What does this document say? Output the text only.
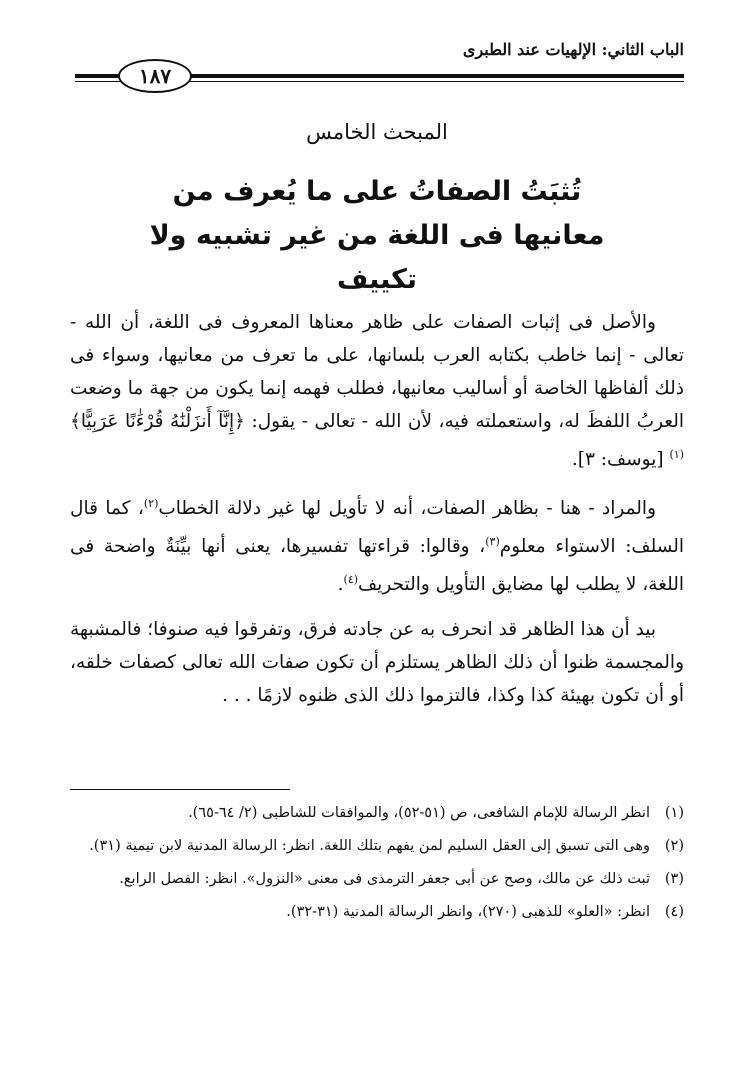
الباب الثاني: الإلهيات عند الطبرى
١٨٧
المبحث الخامس
تُثبَتُ الصفاتُ على ما يُعرف من معانيها فى اللغة من غير تشبيه ولا تكييف

والأصل فى إثبات الصفات على ظاهر معناها المعروف فى اللغة، أن الله - تعالى - إنما خاطب بكتابه العرب بلسانها، على ما تعرف من معانيها، وسواء فى ذلك ألفاظها الخاصة أو أساليب معانيها، فطلب فهمه إنما يكون من جهة ما وضعت العربُ اللفظَ له، واستعملته فيه، لأن الله - تعالى - يقول: ﴿إِنَّآ أَنزَلْنَٰهُ قُرْءَٰنًا عَرَبِيًّا﴾$^{(١)}$ [يوسف: ٣].

والمراد - هنا - بظاهر الصفات، أنه لا تأويل لها غير دلالة الخطاب$^{(٢)}$، كما قال السلف: الاستواء معلوم$^{(٣)}$، وقالوا: قراءتها تفسيرها، يعنى أنها بيِّنَةٌ واضحة فى اللغة، لا يطلب لها مضايق التأويل والتحريف$^{(٤)}$.

بيد أن هذا الظاهر قد انحرف به عن جادته فرق، وتفرقوا فيه صنوفا؛ فالمشبهة والمجسمة ظنوا أن ذلك الظاهر يستلزم أن تكون صفات الله تعالى كصفات خلقه، أو أن تكون بهيئة كذا وكذا، فالتزموا ذلك الذى ظنوه لازمًا . . .

(١)
انظر الرسالة للإمام الشافعى، ص (٥١-٥٢)، والموافقات للشاطبى (٢/ ٦٤-٦٥).
(٢)
وهى التى تسبق إلى العقل السليم لمن يفهم بتلك اللغة. انظر: الرسالة المدنية لابن تيمية (٣١).
(٣)
ثبت ذلك عن مالك، وصح عن أبى جعفر الترمذى فى معنى «النزول». انظر: الفصل الرابع.
(٤)
انظر: «العلو» للذهبى (٢٧٠)، وانظر الرسالة المدنية (٣١-٣٢).
